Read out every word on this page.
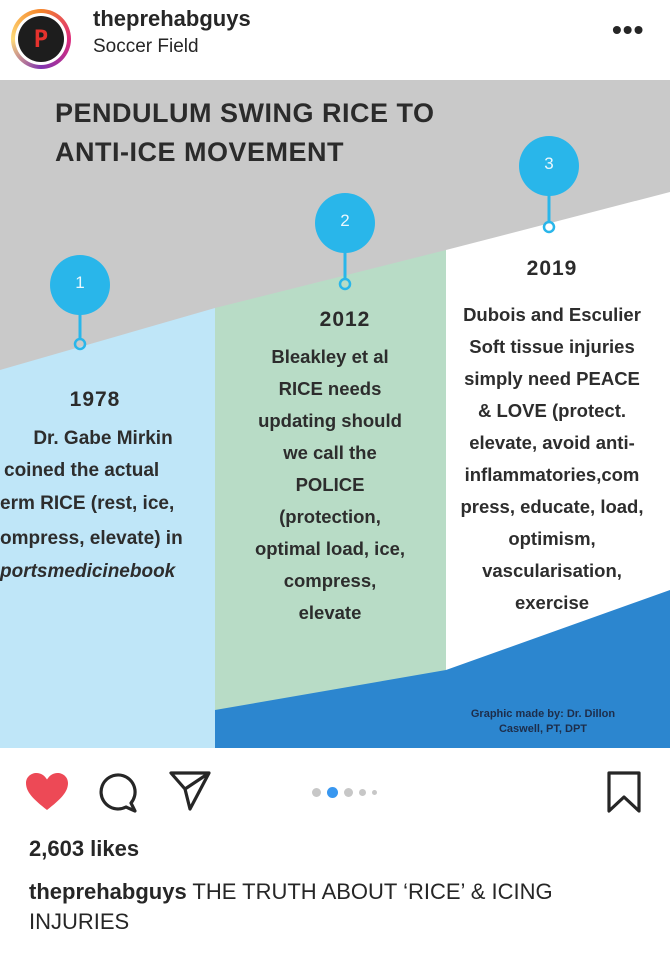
P
theprehabguys
Soccer Field
•••
PENDULUM SWING RICE TO
ANTI-ICE MOVEMENT
1
2
3
1978
2012
2019
Dr. Gabe Mirkin
coined the actual
erm RICE (rest, ice,
ompress, elevate) in
portsmedicinebook
Bleakley et al
RICE needs
updating should
we call the
POLICE
(protection,
optimal load, ice,
compress,
elevate
Dubois and Esculier
Soft tissue injuries
simply need PEACE
& LOVE (protect.
elevate, avoid anti-
inflammatories,com
press, educate, load,
optimism,
vascularisation,
exercise
Graphic made by: Dr. Dillon
Caswell, PT, DPT
2,603 likes
theprehabguys THE TRUTH ABOUT ‘RICE’ & ICING INJURIES
